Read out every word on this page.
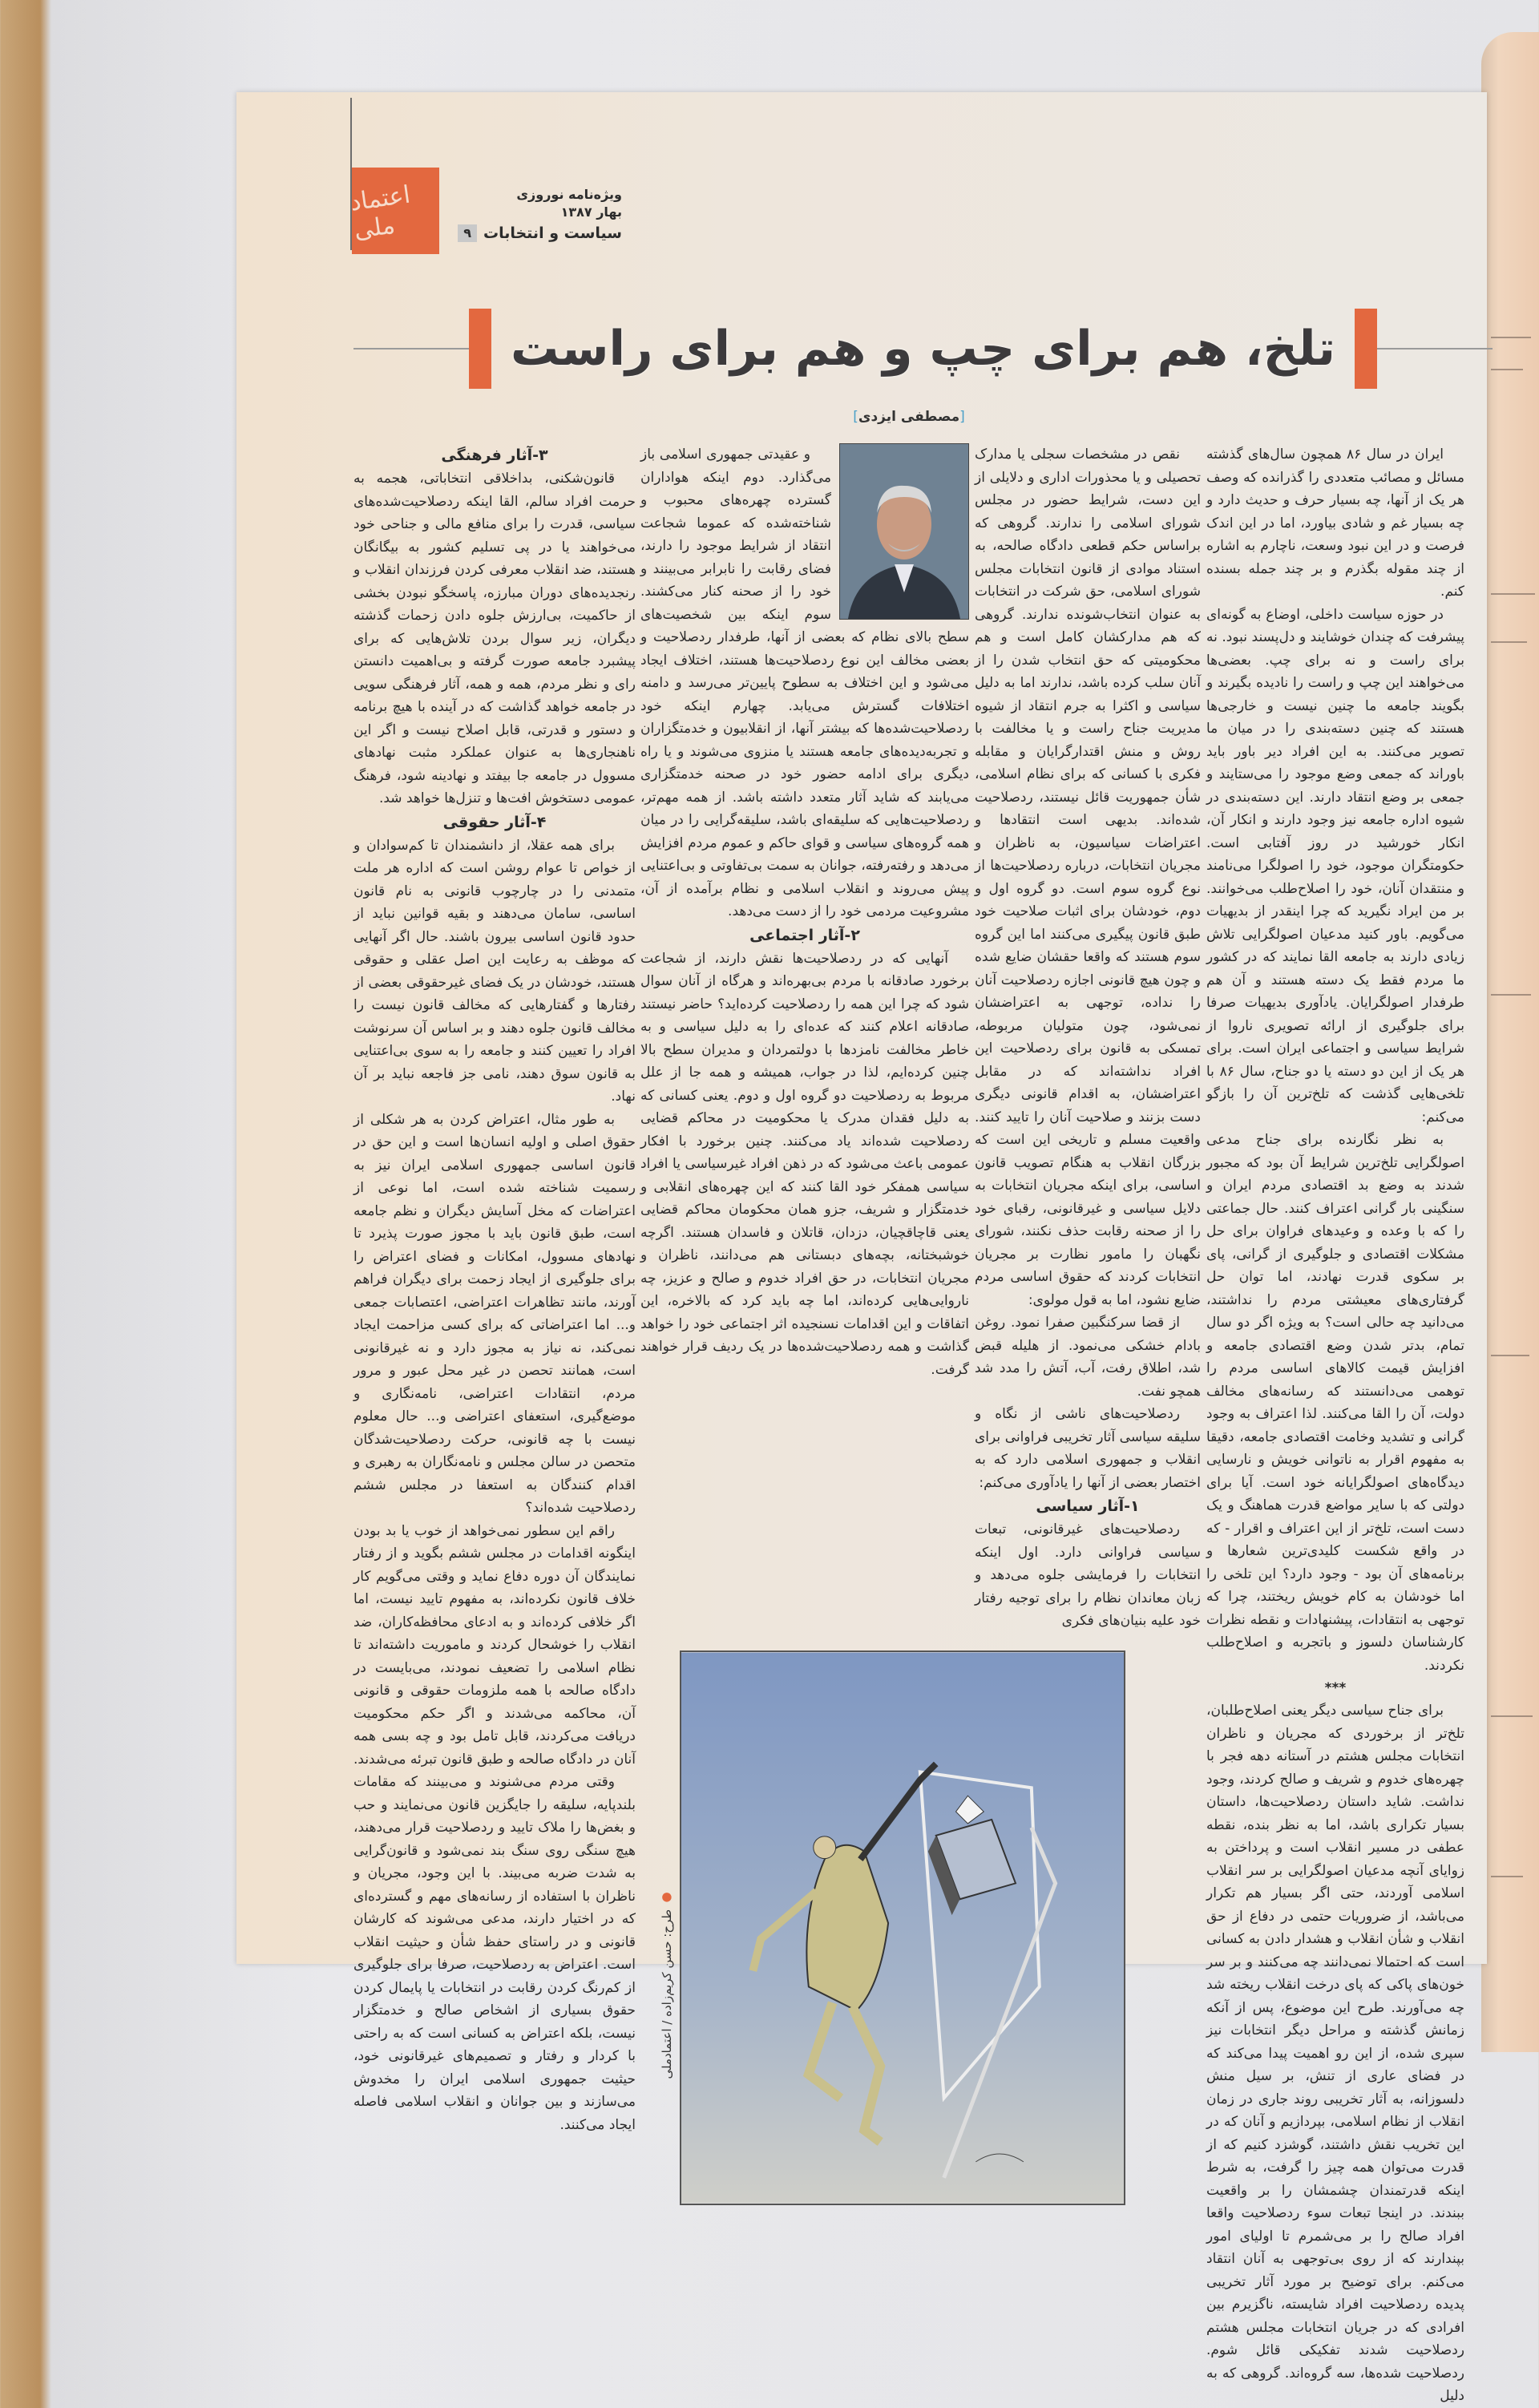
اعتماد ملی
ویژه‌نامه نوروزی
بهار ۱۳۸۷
سیاست و انتخابات
۹
تلخ، هم برای چپ و هم برای راست
[مصطفی ایزدی]

ایران در سال ۸۶ همچون سال‌های گذشته مسائل و مصائب متعددی را گذرانده که وصف هر یک از آنها، چه بسیار حرف و حدیث دارد و چه بسیار غم و شادی بیاورد، اما در این اندک فرصت و در این نبود وسعت، ناچارم به اشاره از چند مقوله بگذرم و بر چند جمله بسنده کنم.

در حوزه سیاست داخلی، اوضاع به گونه‌ای پیشرفت که چندان خوشایند و دل‌پسند نبود. نه برای راست و نه برای چپ. بعضی‌ها می‌خواهند این چپ و راست را نادیده بگیرند و بگویند جامعه ما چنین نیست و خارجی‌ها هستند که چنین دسته‌بندی را در میان ما تصویر می‌کنند. به این افراد دیر باور باید باوراند که جمعی وضع موجود را می‌ستایند و جمعی بر وضع انتقاد دارند. این دسته‌بندی در شیوه اداره جامعه نیز وجود دارند و انکار آن، انکار خورشید در روز آفتابی است. حکومتگران موجود، خود را اصولگرا می‌نامند و منتقدان آنان، خود را اصلاح‌طلب می‌خوانند. بر من ایراد نگیرید که چرا اینقدر از بدیهیات می‌گویم. باور کنید مدعیان اصولگرایی تلاش زیادی دارند به جامعه القا نمایند که در کشور ما مردم فقط یک دسته هستند و آن هم طرفدار اصولگرایان. یادآوری بدیهیات صرفا برای جلوگیری از ارائه تصویری ناروا از شرایط سیاسی و اجتماعی ایران است. برای هر یک از این دو دسته یا دو جناح، سال ۸۶ با تلخی‌هایی گذشت که تلخ‌ترین آن را بازگو می‌کنم:

به نظر نگارنده برای جناح مدعی اصولگرایی تلخ‌ترین شرایط آن بود که مجبور شدند به وضع بد اقتصادی مردم ایران و سنگینی بار گرانی اعتراف کنند. حال جماعتی را که با وعده و وعیدهای فراوان برای حل مشکلات اقتصادی و جلوگیری از گرانی، پای بر سکوی قدرت نهادند، اما توان حل گرفتاری‌های معیشتی مردم را نداشتند، می‌دانید چه حالی است؟ به ویژه اگر دو سال تمام، بدتر شدن وضع اقتصادی جامعه و افزایش قیمت کالاهای اساسی مردم را توهمی می‌دانستند که رسانه‌های مخالف دولت، آن را القا می‌کنند. لذا اعتراف به وجود گرانی و تشدید وخامت اقتصادی جامعه، دقیقا به مفهوم اقرار به ناتوانی خویش و نارسایی دیدگاه‌های اصولگرایانه خود است. آیا برای دولتی که با سایر مواضع قدرت هماهنگ و یک دست است، تلخ‌تر از این اعتراف و اقرار - که در واقع شکست کلیدی‌ترین شعارها و برنامه‌های آن بود - وجود دارد؟ این تلخی را اما خودشان به کام خویش ریختند، چرا که توجهی به انتقادات، پیشنهادات و نقطه نظرات کارشناسان دلسوز و باتجربه و اصلاح‌طلب نکردند.

***

برای جناح سیاسی دیگر یعنی اصلاح‌طلبان، تلخ‌تر از برخوردی که مجریان و ناظران انتخابات مجلس هشتم در آستانه دهه فجر با چهره‌های خدوم و شریف و صالح کردند، وجود نداشت. شاید داستان ردصلاحیت‌ها، داستان بسیار تکراری باشد، اما به نظر بنده، نقطه عطفی در مسیر انقلاب است و پرداختن به زوایای آنچه مدعیان اصولگرایی بر سر انقلاب اسلامی آوردند، حتی اگر بسیار هم تکرار می‌باشد، از ضروریات حتمی در دفاع از حق انقلاب و شأن انقلاب و هشدار دادن به کسانی است که احتمالا نمی‌دانند چه می‌کنند و بر سر خون‌های پاکی که پای درخت انقلاب ریخته شد چه می‌آورند. طرح این موضوع، پس از آنکه زمانش گذشته و مراحل دیگر انتخابات نیز سپری شده، از این رو اهمیت پیدا می‌کند که در فضای عاری از تنش، بر سیل منش دلسوزانه، به آثار تخریبی روند جاری در زمان انقلاب از نظام اسلامی، بپردازیم و آنان که در این تخریب نقش داشتند، گوشزد کنیم که از قدرت می‌توان همه چیز را گرفت، به شرط اینکه قدرتمندان چشمشان را بر واقعیت ببندند. در اینجا تبعات سوء ردصلاحیت واقعا افراد صالح را بر می‌شمرم تا اولیای امور بپندارند که از روی بی‌توجهی به آنان انتقاد می‌کنم. برای توضیح بر مورد آثار تخریبی پدیده ردصلاحیت افراد شایسته، ناگزیرم بین افرادی که در جریان انتخابات مجلس هشتم ردصلاحیت شدند تفکیکی قائل شوم. ردصلاحیت شده‌ها، سه گروه‌اند. گروهی که به دلیل

نقص در مشخصات سجلی یا مدارک تحصیلی و یا محذورات اداری و دلایلی از این دست، شرایط حضور در مجلس شورای اسلامی را ندارند. گروهی که براساس حکم قطعی دادگاه صالحه، به استناد موادی از قانون انتخابات مجلس شورای اسلامی، حق شرکت در انتخابات به عنوان انتخاب‌شونده ندارند. گروهی که هم مدارکشان کامل است و هم محکومیتی که حق انتخاب شدن را از آنان سلب کرده باشد، ندارند اما به دلیل سیاسی و اکثرا به جرم انتقاد از شیوه مدیریت جناح راست و یا مخالفت با روش و منش اقتدارگرایان و مقابله فکری با کسانی که برای نظام اسلامی، شأن جمهوریت قائل نیستند، ردصلاحیت شده‌اند. بدیهی است انتقادها و اعتراضات سیاسیون، به ناظران و مجریان انتخابات، درباره ردصلاحیت‌ها از نوع گروه سوم است. دو گروه اول و دوم، خودشان برای اثبات صلاحیت خود طبق قانون پیگیری می‌کنند اما این گروه سوم هستند که واقعا حقشان ضایع شده و چون هیچ قانونی اجازه ردصلاحیت آنان را نداده، توجهی به اعتراضشان نمی‌شود، چون متولیان مربوطه، تمسکی به قانون برای ردصلاحیت این افراد نداشته‌اند که در مقابل اعتراضشان، به اقدام قانونی دیگری دست بزنند و صلاحیت آنان را تایید کنند. واقعیت مسلم و تاریخی این است که بزرگان انقلاب به هنگام تصویب قانون اساسی، برای اینکه مجریان انتخابات به دلایل سیاسی و غیرقانونی، رقبای خود را از صحنه رقابت حذف نکنند، شورای نگهبان را مامور نظارت بر مجریان انتخابات کردند که حقوق اساسی مردم ضایع نشود، اما به قول مولوی:

از قضا سرکنگبین صفرا نمود. روغن بادام خشکی می‌نمود. از هلیله قبض شد، اطلاق رفت، آب، آتش را مدد شد همچو نفت.

ردصلاحیت‌های ناشی از نگاه و سلیقه سیاسی آثار تخریبی فراوانی برای انقلاب و جمهوری اسلامی دارد که به اختصار بعضی از آنها را یادآوری می‌کنم:

۱-آثار سیاسی

ردصلاحیت‌های غیرقانونی، تبعات سیاسی فراوانی دارد. اول اینکه انتخابات را فرمایشی جلوه می‌دهد و زبان معاندان نظام را برای توجیه رفتار خود علیه بنیان‌های فکری

و عقیدتی جمهوری اسلامی باز می‌گذارد. دوم اینکه هواداران گسترده چهره‌های محبوب و شناخته‌شده که عموما شجاعت انتقاد از شرایط موجود را دارند، فضای رقابت را نابرابر می‌بینند و خود را از صحنه کنار می‌کشند. سوم اینکه بین شخصیت‌های سطح بالای نظام که بعضی از آنها، طرفدار ردصلاحیت و بعضی مخالف این نوع ردصلاحیت‌ها هستند، اختلاف ایجاد می‌شود و این اختلاف به سطوح پایین‌تر می‌رسد و دامنه اختلافات گسترش می‌یابد. چهارم اینکه خود ردصلاحیت‌شده‌ها که بیشتر آنها، از انقلابیون و خدمتگزاران و تجربه‌دیده‌های جامعه هستند یا منزوی می‌شوند و یا راه دیگری برای ادامه حضور خود در صحنه خدمتگزاری می‌یابند که شاید آثار متعدد داشته باشد. از همه مهم‌تر، ردصلاحیت‌هایی که سلیقه‌ای باشد، سلیقه‌گرایی را در میان همه گروه‌های سیاسی و قوای حاکم و عموم مردم افزایش می‌دهد و رفته‌رفته، جوانان به سمت بی‌تفاوتی و بی‌اعتنایی پیش می‌روند و انقلاب اسلامی و نظام برآمده از آن، مشروعیت مردمی خود را از دست می‌دهد.

۲-آثار اجتماعی

آنهایی که در ردصلاحیت‌ها نقش دارند، از شجاعت برخورد صادقانه با مردم بی‌بهره‌اند و هرگاه از آنان سوال شود که چرا این همه را ردصلاحیت کرده‌اید؟ حاضر نیستند صادقانه اعلام کنند که عده‌ای را به دلیل سیاسی و به خاطر مخالفت نامزدها با دولتمردان و مدیران سطح بالا چنین کرده‌ایم، لذا در جواب، همیشه و همه جا از علل مربوط به ردصلاحیت دو گروه اول و دوم. یعنی کسانی که به دلیل فقدان مدرک یا محکومیت در محاکم قضایی ردصلاحیت شده‌اند یاد می‌کنند. چنین برخورد با افکار عمومی باعث می‌شود که در ذهن افراد غیرسیاسی یا افراد سیاسی همفکر خود القا کنند که این چهره‌های انقلابی و خدمتگزار و شریف، جزو همان محکومان محاکم قضایی یعنی قاچاقچیان، دزدان، قاتلان و فاسدان هستند. اگرچه خوشبختانه، بچه‌های دبستانی هم می‌دانند، ناظران و مجریان انتخابات، در حق افراد خدوم و صالح و عزیز، چه ناروایی‌هایی کرده‌اند، اما چه باید کرد که بالاخره، این اتفاقات و این اقدامات نسنجیده اثر اجتماعی خود را خواهد گذاشت و همه ردصلاحیت‌شده‌ها در یک ردیف قرار خواهند گرفت.

● طرح: حسن کریم‌زاده / اعتمادملی
۳-آثار فرهنگی

قانون‌شکنی، بداخلاقی انتخاباتی، هجمه به حرمت افراد سالم، القا اینکه ردصلاحیت‌شده‌های سیاسی، قدرت را برای منافع مالی و جناحی خود می‌خواهند یا در پی تسلیم کشور به بیگانگان هستند، ضد انقلاب معرفی کردن فرزندان انقلاب و رنجدیده‌های دوران مبارزه، پاسخگو نبودن بخشی از حاکمیت، بی‌ارزش جلوه دادن زحمات گذشته دیگران، زیر سوال بردن تلاش‌هایی که برای پیشبرد جامعه صورت گرفته و بی‌اهمیت دانستن رای و نظر مردم، همه و همه، آثار فرهنگی سویی در جامعه خواهد گذاشت که در آینده با هیچ برنامه و دستور و قدرتی، قابل اصلاح نیست و اگر این ناهنجاری‌ها به عنوان عملکرد مثبت نهادهای مسوول در جامعه جا بیفتد و نهادینه شود، فرهنگ عمومی دستخوش افت‌ها و تنزل‌ها خواهد شد.

۴-آثار حقوقی

برای همه عقلا، از دانشمندان تا کم‌سوادان و از خواص تا عوام روشن است که اداره هر ملت متمدنی را در چارچوب قانونی به نام قانون اساسی، سامان می‌دهند و بقیه قوانین نباید از حدود قانون اساسی بیرون باشند. حال اگر آنهایی که موظف به رعایت این اصل عقلی و حقوقی هستند، خودشان در یک فضای غیرحقوقی بعضی از رفتارها و گفتارهایی که مخالف قانون نیست را مخالف قانون جلوه دهند و بر اساس آن سرنوشت افراد را تعیین کنند و جامعه را به سوی بی‌اعتنایی به قانون سوق دهند، نامی جز فاجعه نباید بر آن نهاد.

به طور مثال، اعتراض کردن به هر شکلی از حقوق اصلی و اولیه انسان‌ها است و این حق در قانون اساسی جمهوری اسلامی ایران نیز به رسمیت شناخته شده است، اما نوعی از اعتراضات که مخل آسایش دیگران و نظم جامعه است، طبق قانون باید با مجوز صورت پذیرد تا نهادهای مسوول، امکانات و فضای اعتراض را برای جلوگیری از ایجاد زحمت برای دیگران فراهم آورند، مانند تظاهرات اعتراضی، اعتصابات جمعی و... اما اعتراضاتی که برای کسی مزاحمت ایجاد نمی‌کند، نه نیاز به مجوز دارد و نه غیرقانونی است، همانند تحصن در غیر محل عبور و مرور مردم، انتقادات اعتراضی، نامه‌نگاری و موضع‌گیری، استعفای اعتراضی و... حال معلوم نیست با چه قانونی، حرکت ردصلاحیت‌شدگان متحصن در سالن مجلس و نامه‌نگاران به رهبری و اقدام کنندگان به استعفا در مجلس ششم ردصلاحیت شده‌اند؟

راقم این سطور نمی‌خواهد از خوب یا بد بودن اینگونه اقدامات در مجلس ششم بگوید و از رفتار نمایندگان آن دوره دفاع نماید و وقتی می‌گویم کار خلاف قانون نکرده‌اند، به مفهوم تایید نیست، اما اگر خلافی کرده‌اند و به ادعای محافظه‌کاران، ضد انقلاب را خوشحال کردند و ماموریت داشته‌اند تا نظام اسلامی را تضعیف نمودند، می‌بایست در دادگاه صالحه با همه ملزومات حقوقی و قانونی آن، محاکمه می‌شدند و اگر حکم محکومیت دریافت می‌کردند، قابل تامل بود و چه بسی همه آنان در دادگاه صالحه و طبق قانون تبرئه می‌شدند.

وقتی مردم می‌شنوند و می‌بینند که مقامات بلندپایه، سلیقه را جایگزین قانون می‌نمایند و حب و بغض‌ها را ملاک تایید و ردصلاحیت قرار می‌دهند، هیچ سنگی روی سنگ بند نمی‌شود و قانون‌گرایی به شدت ضربه می‌بیند. با این وجود، مجریان و ناظران با استفاده از رسانه‌های مهم و گسترده‌ای که در اختیار دارند، مدعی می‌شوند که کارشان قانونی و در راستای حفظ شأن و حیثیت انقلاب است. اعتراض به ردصلاحیت، صرفا برای جلوگیری از کم‌رنگ کردن رقابت در انتخابات یا پایمال کردن حقوق بسیاری از اشخاص صالح و خدمتگزار نیست، بلکه اعتراض به کسانی است که به راحتی با کردار و رفتار و تصمیم‌های غیرقانونی خود، حیثیت جمهوری اسلامی ایران را مخدوش می‌سازند و بین جوانان و انقلاب اسلامی فاصله ایجاد می‌کنند.
